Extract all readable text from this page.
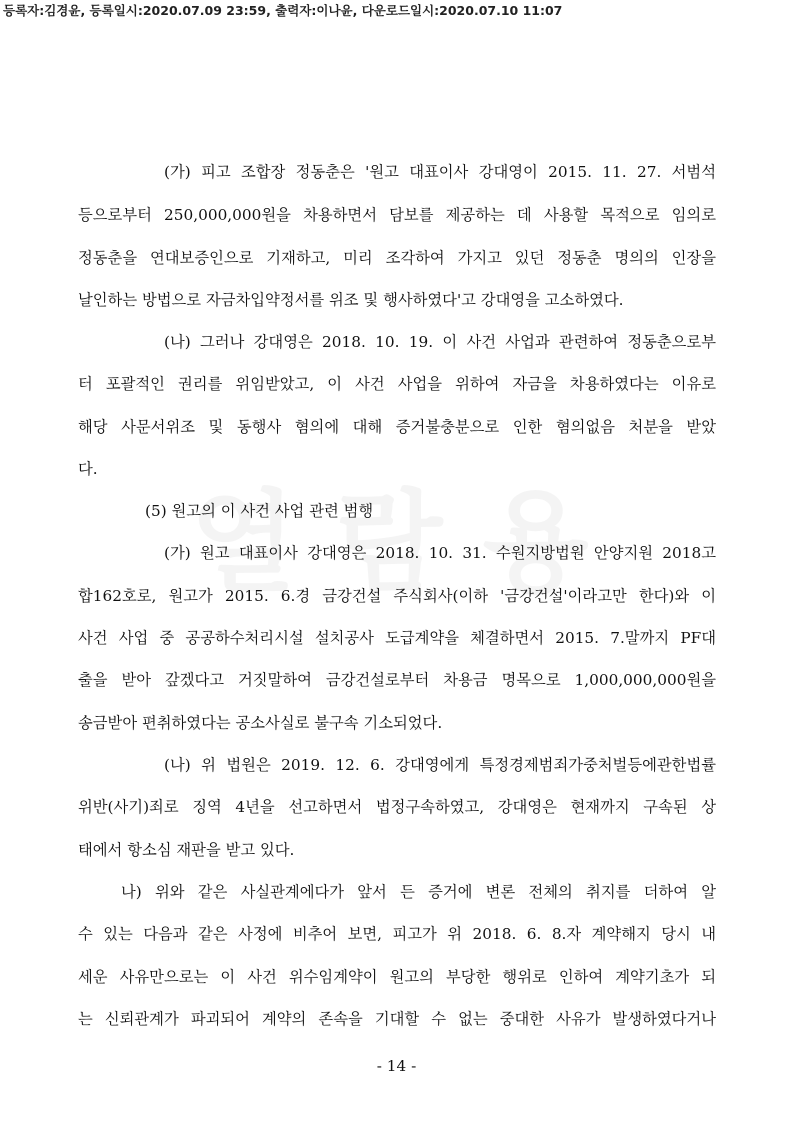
등록자:김경윤, 등록일시:2020.07.09 23:59, 출력자:이나윤, 다운로드일시:2020.07.10 11:07
(가) 피고 조합장 정동춘은 '원고 대표이사 강대영이 2015. 11. 27. 서범석
등으로부터 250,000,000원을 차용하면서 담보를 제공하는 데 사용할 목적으로 임의로
정동춘을 연대보증인으로 기재하고, 미리 조각하여 가지고 있던 정동춘 명의의 인장을
날인하는 방법으로 자금차입약정서를 위조 및 행사하였다'고 강대영을 고소하였다.
(나) 그러나 강대영은 2018. 10. 19. 이 사건 사업과 관련하여 정동춘으로부
터 포괄적인 권리를 위임받았고, 이 사건 사업을 위하여 자금을 차용하였다는 이유로
해당 사문서위조 및 동행사 혐의에 대해 증거불충분으로 인한 혐의없음 처분을 받았
다.
(5) 원고의 이 사건 사업 관련 범행
(가) 원고 대표이사 강대영은 2018. 10. 31. 수원지방법원 안양지원 2018고
합162호로, 원고가 2015. 6.경 금강건설 주식회사(이하 '금강건설'이라고만 한다)와 이
사건 사업 중 공공하수처리시설 설치공사 도급계약을 체결하면서 2015. 7.말까지 PF대
출을 받아 갚겠다고 거짓말하여 금강건설로부터 차용금 명목으로 1,000,000,000원을
송금받아 편취하였다는 공소사실로 불구속 기소되었다.
(나) 위 법원은 2019. 12. 6. 강대영에게 특정경제범죄가중처벌등에관한법률
위반(사기)죄로 징역 4년을 선고하면서 법정구속하였고, 강대영은 현재까지 구속된 상
태에서 항소심 재판을 받고 있다.
나) 위와 같은 사실관계에다가 앞서 든 증거에 변론 전체의 취지를 더하여 알
수 있는 다음과 같은 사정에 비추어 보면, 피고가 위 2018. 6. 8.자 계약해지 당시 내
세운 사유만으로는 이 사건 위수임계약이 원고의 부당한 행위로 인하여 계약기초가 되
는 신뢰관계가 파괴되어 계약의 존속을 기대할 수 없는 중대한 사유가 발생하였다거나
- 14 -
